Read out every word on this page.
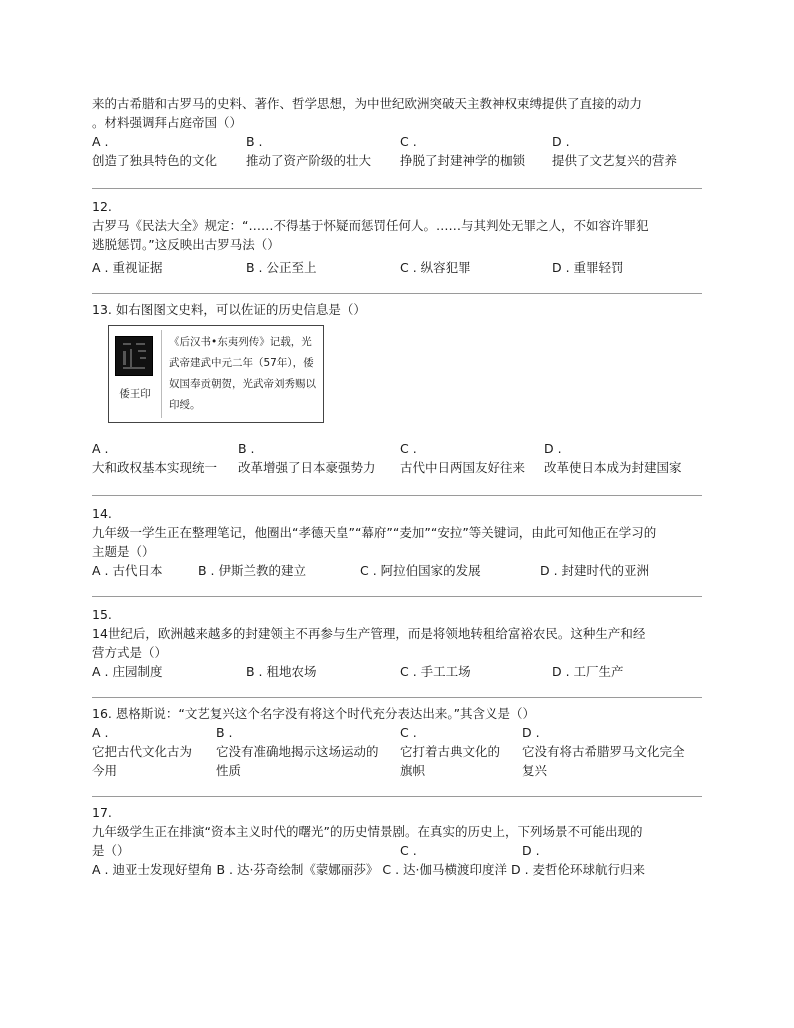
来的古希腊和古罗马的史料、著作、哲学思想，为中世纪欧洲突破天主教神权束缚提供了直接的动力
。材料强调拜占庭帝国（）
A .
创造了独具特色的文化
B .
推动了资产阶级的壮大
C .
挣脱了封建神学的枷锁
D .
提供了文艺复兴的营养
12.
古罗马《民法大全》规定：“……不得基于怀疑而惩罚任何人。……与其判处无罪之人，不如容许罪犯
逃脱惩罚。”这反映出古罗马法（）
A . 重视证据	B . 公正至上	C . 纵容犯罪	D . 重罪轻罚
13. 如右图图文史料，可以佐证的历史信息是（）
倭王印
《后汉书•东夷列传》记载，光武帝建武中元二年（57年），倭奴国奉贡朝贺，光武帝刘秀赐以印绶。
A .
大和政权基本实现统一
B .
改革增强了日本豪强势力
C .
古代中日两国友好往来
D .
改革使日本成为封建国家
14.
九年级一学生正在整理笔记，他圈出“孝德天皇”“幕府”“麦加”“安拉”等关键词，由此可知他正在学习的
主题是（）
A . 古代日本	B . 伊斯兰教的建立	C . 阿拉伯国家的发展	D . 封建时代的亚洲
15.
14世纪后，欧洲越来越多的封建领主不再参与生产管理，而是将领地转租给富裕农民。这种生产和经
营方式是（）
A . 庄园制度	B . 租地农场	C . 手工工场	D . 工厂生产
16. 恩格斯说：“文艺复兴这个名字没有将这个时代充分表达出来。”其含义是（）
A .
它把古代文化古为
今用
B .
它没有准确地揭示这场运动的
性质
C .
它打着古典文化的
旗帜
D .
它没有将古希腊罗马文化完全
复兴
17.
九年级学生正在排演“资本主义时代的曙光”的历史情景剧。在真实的历史上，下列场景不可能出现的
是（）	C .	D .
A . 迪亚士发现好望角 B . 达·芬奇绘制《蒙娜丽莎》 C . 达·伽马横渡印度洋 D . 麦哲伦环球航行归来
